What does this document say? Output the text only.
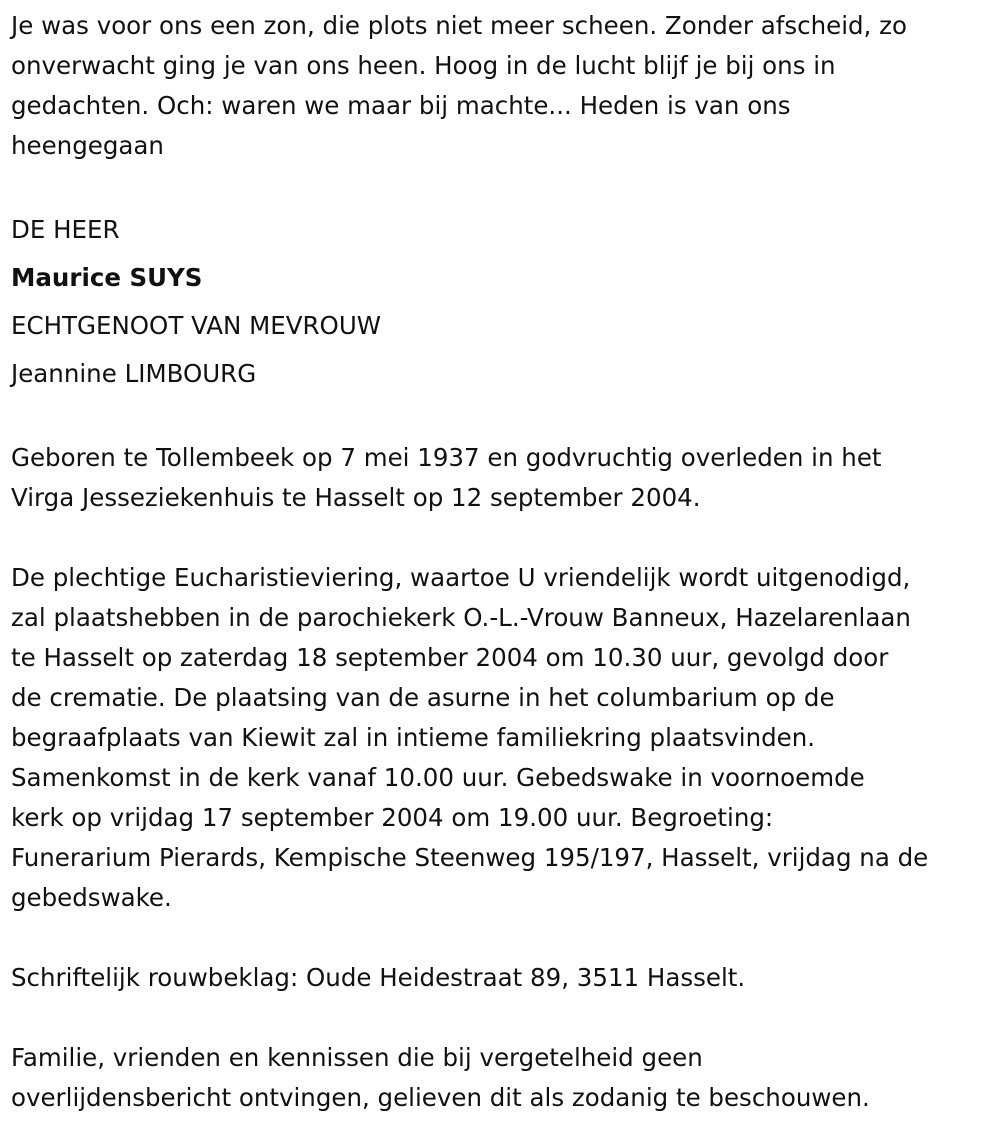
Je was voor ons een zon, die plots niet meer scheen. Zonder afscheid, zo

onverwacht ging je van ons heen. Hoog in de lucht blijf je bij ons in

gedachten. Och: waren we maar bij machte... Heden is van ons

heengegaan

DE HEER

Maurice SUYS

ECHTGENOOT VAN MEVROUW

Jeannine LIMBOURG

Geboren te Tollembeek op 7 mei 1937 en godvruchtig overleden in het

Virga Jesseziekenhuis te Hasselt op 12 september 2004.

De plechtige Eucharistieviering, waartoe U vriendelijk wordt uitgenodigd,

zal plaatshebben in de parochiekerk O.-L.-Vrouw Banneux, Hazelarenlaan

te Hasselt op zaterdag 18 september 2004 om 10.30 uur, gevolgd door

de crematie. De plaatsing van de asurne in het columbarium op de

begraafplaats van Kiewit zal in intieme familiekring plaatsvinden.

Samenkomst in de kerk vanaf 10.00 uur. Gebedswake in voornoemde

kerk op vrijdag 17 september 2004 om 19.00 uur. Begroeting:

Funerarium Pierards, Kempische Steenweg 195/197, Hasselt, vrijdag na de

gebedswake.

Schriftelijk rouwbeklag: Oude Heidestraat 89, 3511 Hasselt.

Familie, vrienden en kennissen die bij vergetelheid geen

overlijdensbericht ontvingen, gelieven dit als zodanig te beschouwen.
